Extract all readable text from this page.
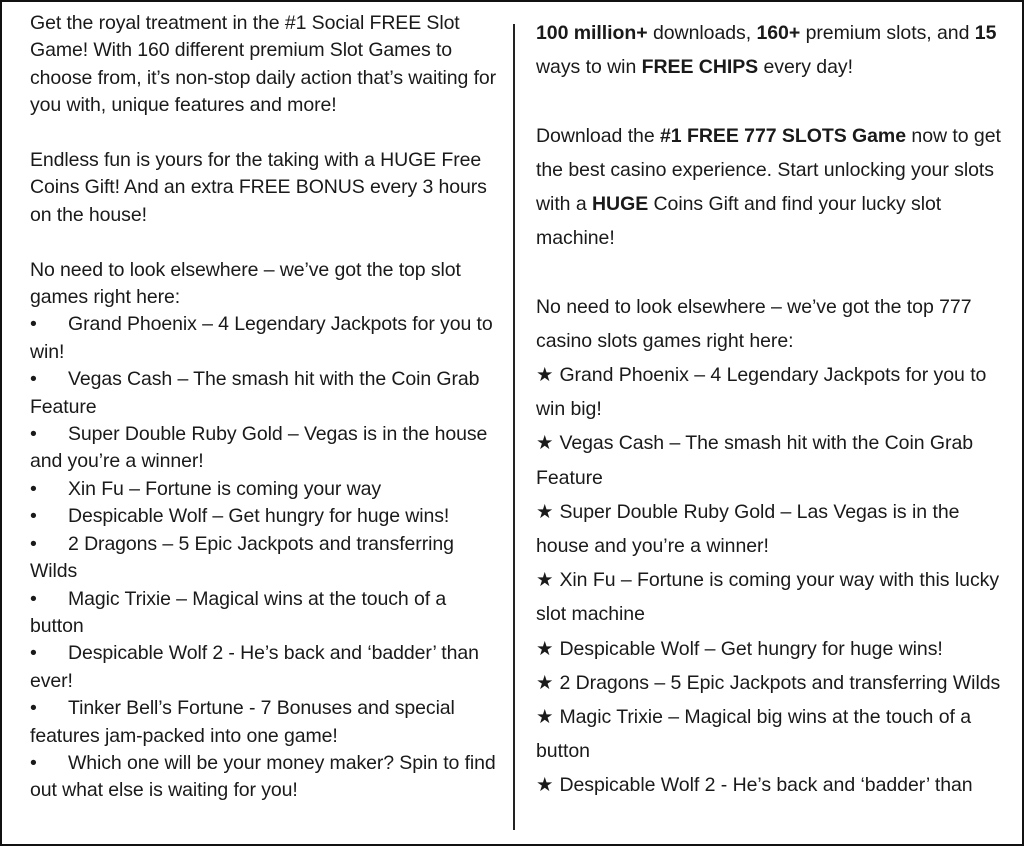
Get the royal treatment in the #1 Social FREE Slot Game! With 160 different premium Slot Games to choose from, it’s non-stop daily action that’s waiting for you with, unique features and more!

Endless fun is yours for the taking with a HUGE Free Coins Gift! And an extra FREE BONUS every 3 hours on the house!

No need to look elsewhere – we’ve got the top slot games right here:

• Grand Phoenix – 4 Legendary Jackpots for you to win!

• Vegas Cash – The smash hit with the Coin Grab Feature

• Super Double Ruby Gold – Vegas is in the house and you’re a winner!

• Xin Fu – Fortune is coming your way

• Despicable Wolf – Get hungry for huge wins!

• 2 Dragons – 5 Epic Jackpots and transferring Wilds

• Magic Trixie – Magical wins at the touch of a button

• Despicable Wolf 2 - He’s back and ‘badder’ than ever!

• Tinker Bell’s Fortune - 7 Bonuses and special features jam-packed into one game!

• Which one will be your money maker? Spin to find out what else is waiting for you!

100 million+ downloads, 160+ premium slots, and 15 ways to win FREE CHIPS every day!

Download the #1 FREE 777 SLOTS Game now to get the best casino experience. Start unlocking your slots with a HUGE Coins Gift and find your lucky slot machine!

No need to look elsewhere – we’ve got the top 777 casino slots games right here:

★ Grand Phoenix – 4 Legendary Jackpots for you to win big!

★ Vegas Cash – The smash hit with the Coin Grab Feature

★ Super Double Ruby Gold – Las Vegas is in the house and you’re a winner!

★ Xin Fu – Fortune is coming your way with this lucky slot machine

★ Despicable Wolf – Get hungry for huge wins!

★ 2 Dragons – 5 Epic Jackpots and transferring Wilds

★ Magic Trixie – Magical big wins at the touch of a button

★ Despicable Wolf 2 - He’s back and ‘badder’ than
